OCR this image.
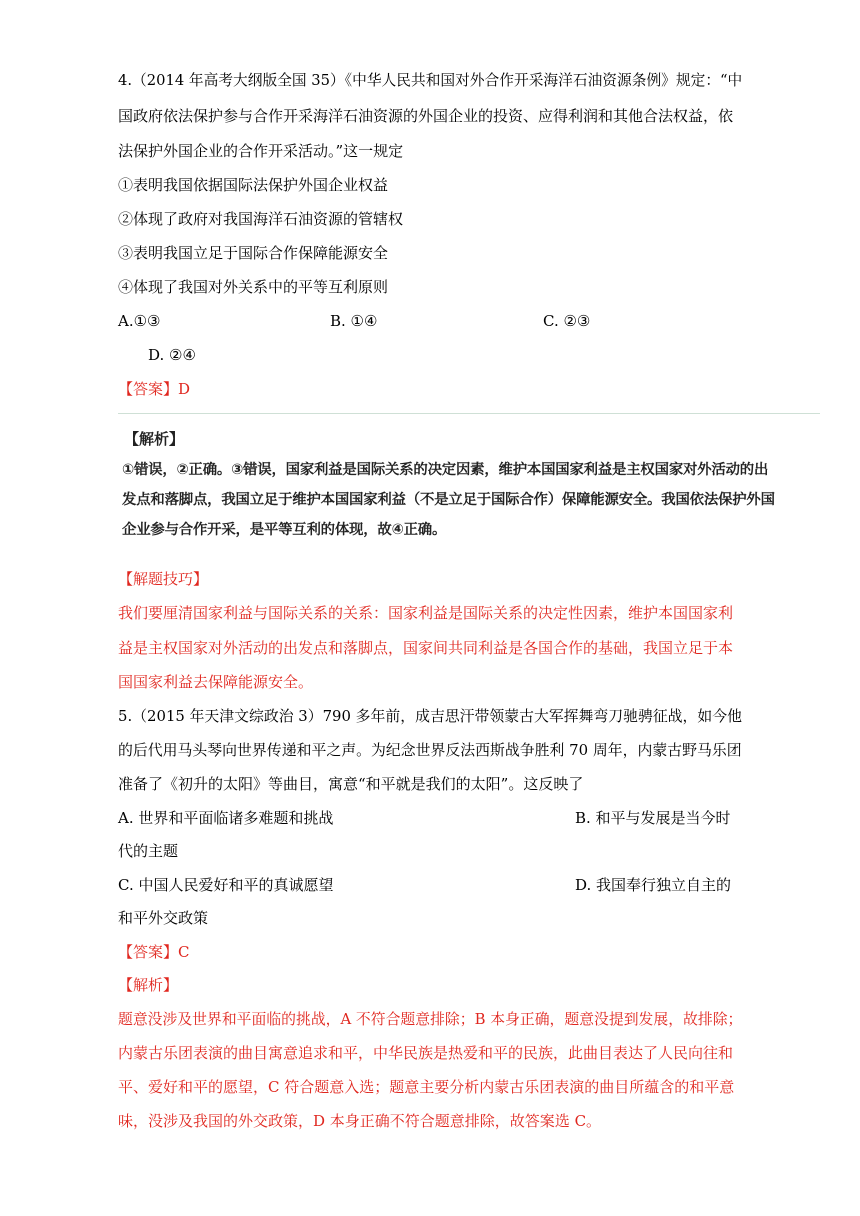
4.（2014 年高考大纲版全国 35）《中华人民共和国对外合作开采海洋石油资源条例》规定：“中
国政府依法保护参与合作开采海洋石油资源的外国企业的投资、应得利润和其他合法权益，依
法保护外国企业的合作开采活动。”这一规定
①表明我国依据国际法保护外国企业权益
②体现了政府对我国海洋石油资源的管辖权
③表明我国立足于国际合作保障能源安全
④体现了我国对外关系中的平等互利原则
A.①③	B. ①④	C. ②③
D. ②④
【答案】D
【解析】
①错误，②正确。③错误，国家利益是国际关系的决定因素，维护本国国家利益是主权国家对外活动的出
发点和落脚点，我国立足于维护本国国家利益（不是立足于国际合作）保障能源安全。我国依法保护外国
企业参与合作开采，是平等互利的体现，故④正确。
【解题技巧】
我们要厘清国家利益与国际关系的关系：国家利益是国际关系的决定性因素，维护本国国家利
益是主权国家对外活动的出发点和落脚点，国家间共同利益是各国合作的基础，我国立足于本
国国家利益去保障能源安全。
5.（2015 年天津文综政治 3）790 多年前，成吉思汗带领蒙古大军挥舞弯刀驰骋征战，如今他
的后代用马头琴向世界传递和平之声。为纪念世界反法西斯战争胜利 70 周年，内蒙古野马乐团
准备了《初升的太阳》等曲目，寓意“和平就是我们的太阳”。这反映了
A. 世界和平面临诸多难题和挑战	B. 和平与发展是当今时
代的主题
C. 中国人民爱好和平的真诚愿望	D. 我国奉行独立自主的
和平外交政策
【答案】C
【解析】
题意没涉及世界和平面临的挑战，A 不符合题意排除；B 本身正确，题意没提到发展，故排除；
内蒙古乐团表演的曲目寓意追求和平，中华民族是热爱和平的民族，此曲目表达了人民向往和
平、爱好和平的愿望，C 符合题意入选；题意主要分析内蒙古乐团表演的曲目所蕴含的和平意
味，没涉及我国的外交政策，D 本身正确不符合题意排除，故答案选 C。
